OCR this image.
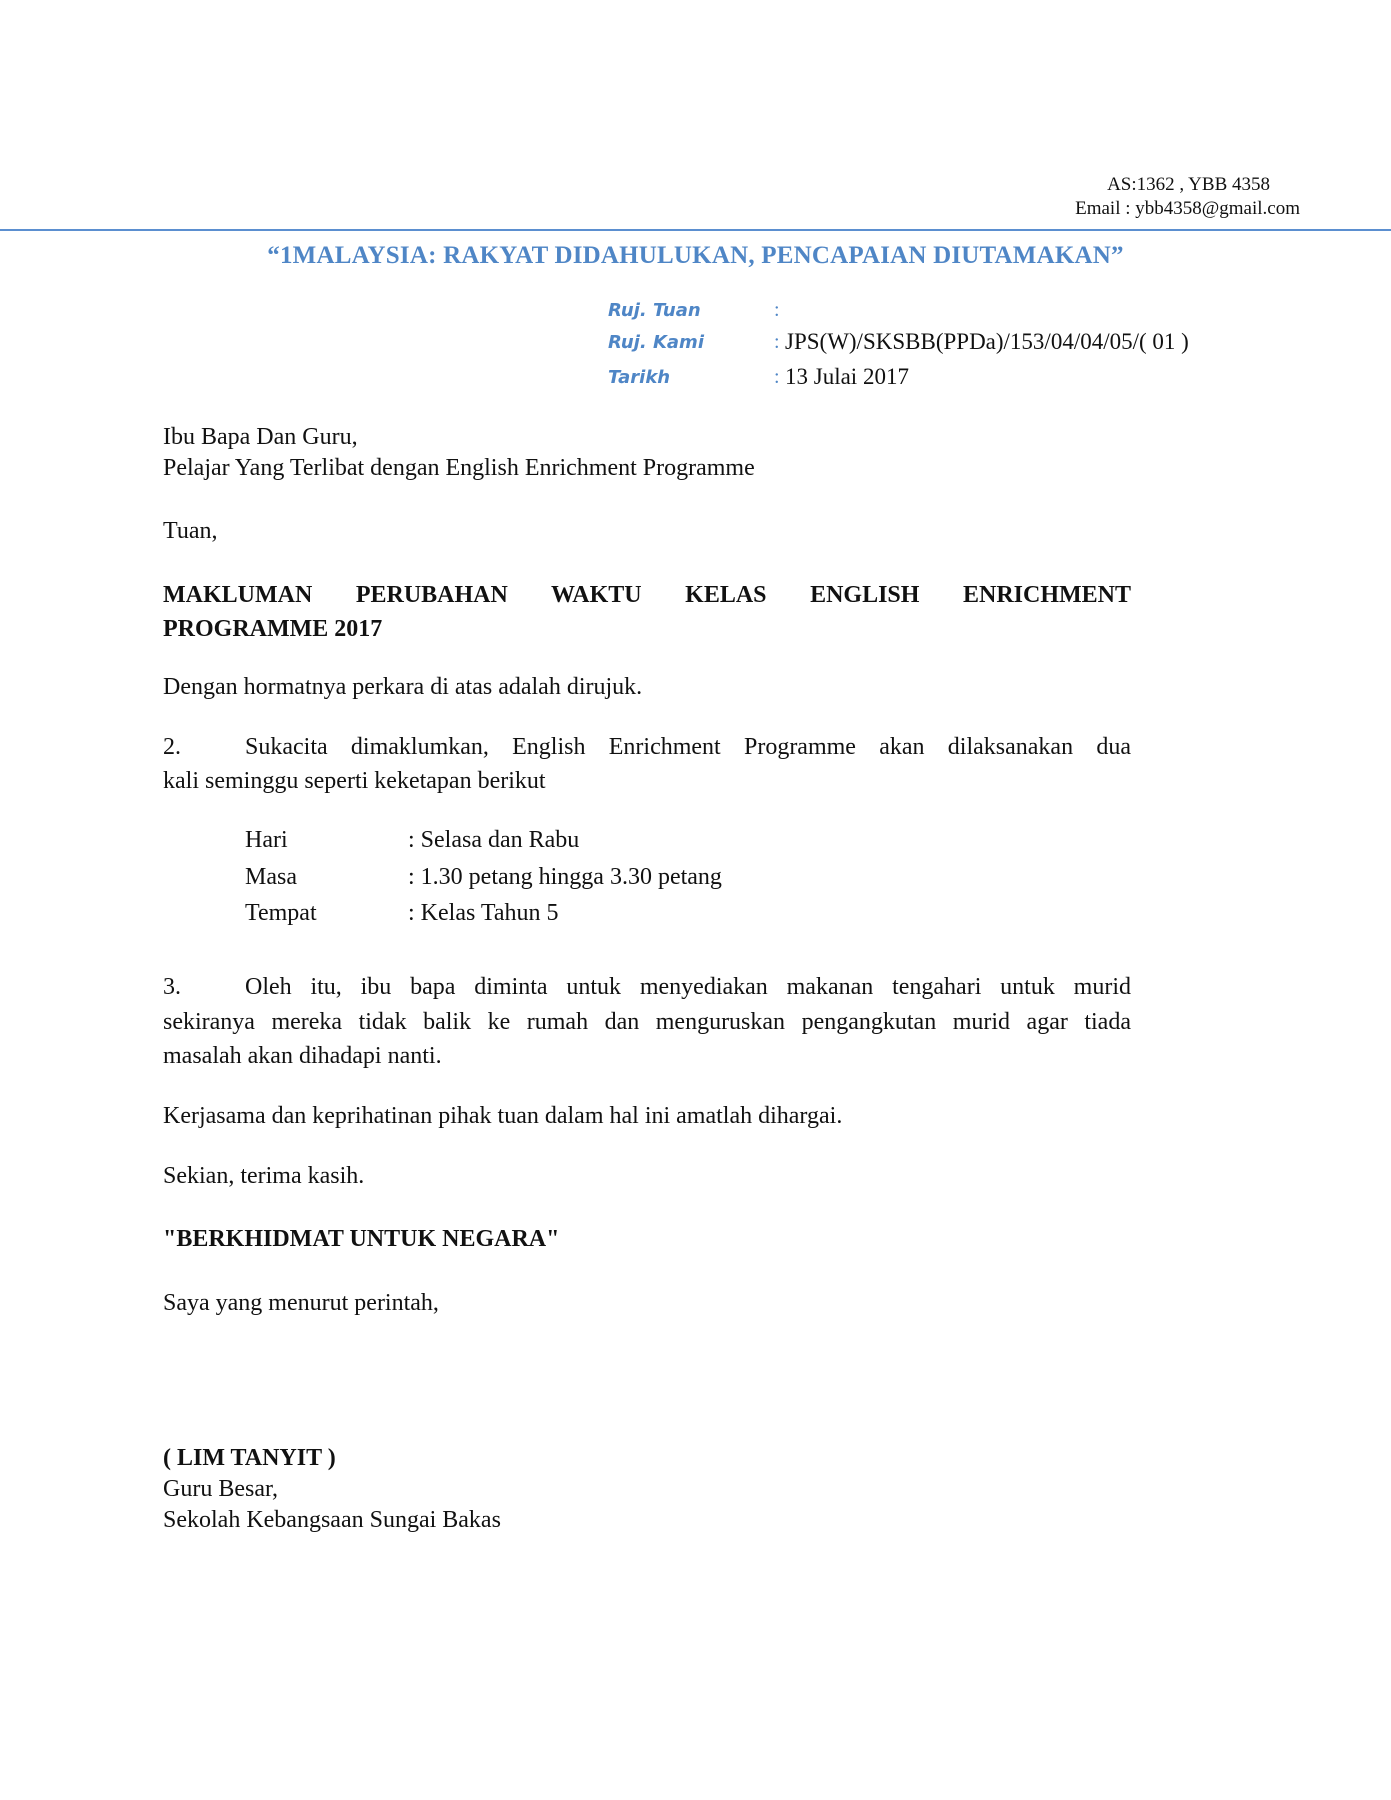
AS:1362 , YBB 4358
Email : ybb4358@gmail.com
“1MALAYSIA: RAKYAT DIDAHULUKAN, PENCAPAIAN DIUTAMAKAN”
Ruj. Tuan	:
Ruj. Kami	: JPS(W)/SKSBB(PPDa)/153/04/04/05/( 01 )
Tarikh	: 13 Julai 2017
Ibu Bapa Dan Guru,
Pelajar Yang Terlibat dengan English Enrichment Programme
Tuan,
MAKLUMAN PERUBAHAN WAKTU KELAS ENGLISH ENRICHMENT
PROGRAMME 2017
Dengan hormatnya perkara di atas adalah dirujuk.
2.	Sukacita dimaklumkan, English Enrichment Programme akan dilaksanakan dua
kali seminggu seperti keketapan berikut
Hari	: Selasa dan Rabu
Masa	: 1.30 petang hingga 3.30 petang
Tempat	: Kelas Tahun 5
3.	Oleh itu, ibu bapa diminta untuk menyediakan makanan tengahari untuk murid
sekiranya mereka tidak balik ke rumah dan menguruskan pengangkutan murid agar tiada
masalah akan dihadapi nanti.
Kerjasama dan keprihatinan pihak tuan dalam hal ini amatlah dihargai.
Sekian, terima kasih.
"BERKHIDMAT UNTUK NEGARA"
Saya yang menurut perintah,
( LIM TANYIT )
Guru Besar,
Sekolah Kebangsaan Sungai Bakas
